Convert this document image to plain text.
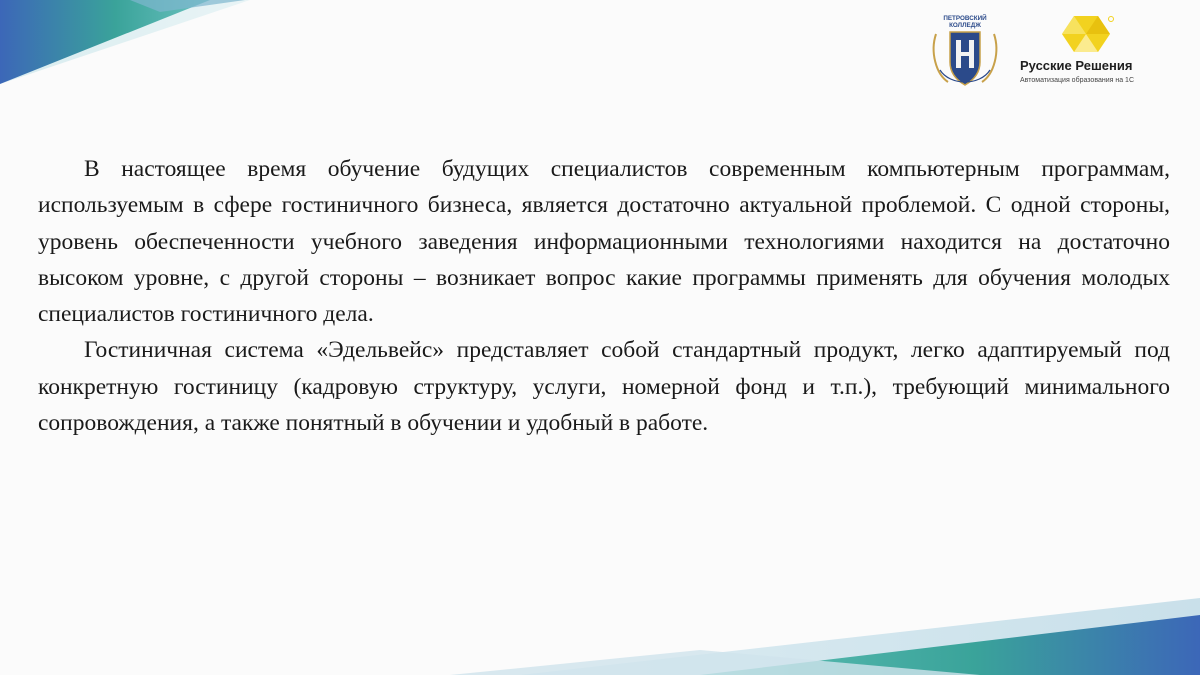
ПЕТРОВСКИЙ
КОЛЛЕДЖ
Русские Решения
Автоматизация образования на 1С

В настоящее время обучение будущих специалистов современным компьютерным программам, используемым в сфере гостиничного бизнеса, является достаточно актуальной проблемой. С одной стороны, уровень обеспеченности учебного заведения информационными технологиями находится на достаточно высоком уровне, с другой стороны – возникает вопрос какие программы применять для обучения молодых специалистов гостиничного дела.

Гостиничная система «Эдельвейс» представляет собой стандартный продукт, легко адаптируемый под конкретную гостиницу (кадровую структуру, услуги, номерной фонд и т.п.), требующий минимального сопровождения, а также понятный в обучении и удобный в работе.
